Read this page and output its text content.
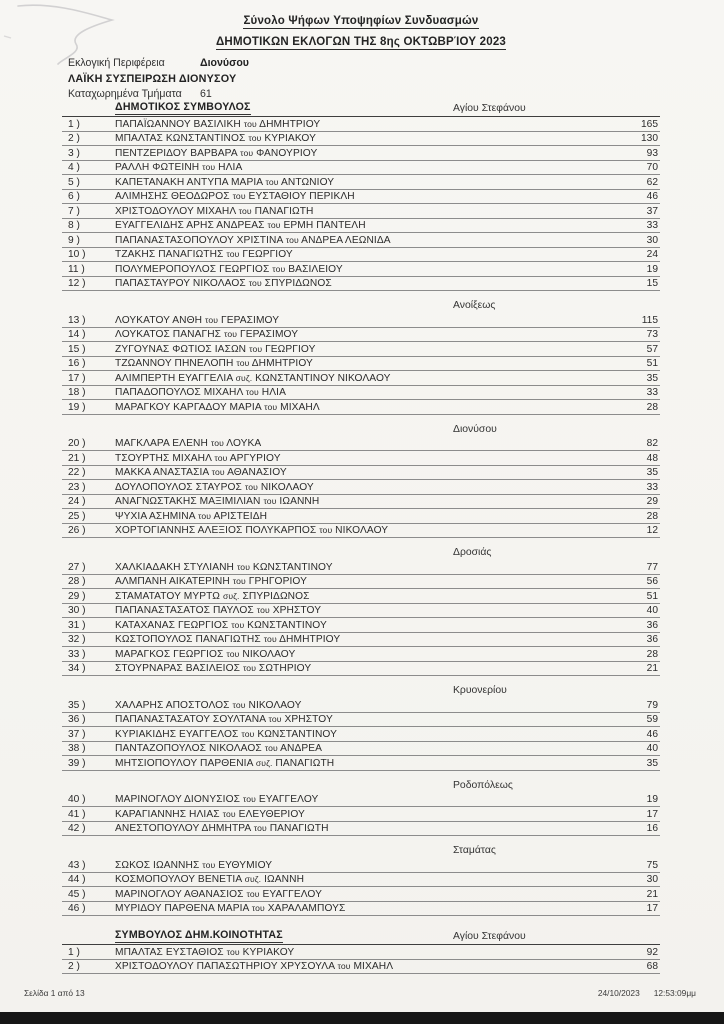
Σύνολο Ψήφων Υποψηφίων Συνδυασμών
ΔΗΜΟΤΙΚΩΝ ΕΚΛΟΓΩΝ ΤΗΣ 8ης ΟΚΤΩΒΡΊΟΥ 2023
Εκλογική Περιφέρεια	Διονύσου
ΛΑΪΚΗ ΣΥΣΠΕΙΡΩΣΗ ΔΙΟΝΥΣΟΥ
Καταχωρημένα Τμήματα	61
ΔΗΜΟΤΙΚΟΣ ΣΥΜΒΟΥΛΟΣ	Αγίου Στεφάνου
1 )	ΠΑΠΑΪΩΑΝΝΟΥ ΒΑΣΙΛΙΚΗ του ΔΗΜΗΤΡΙΟΥ	165
2 )	ΜΠΑΛΤΑΣ ΚΩΝΣΤΑΝΤΙΝΟΣ του ΚΥΡΙΑΚΟΥ	130
3 )	ΠΕΝΤΖΕΡΙΔΟΥ ΒΑΡΒΑΡΑ του ΦΑΝΟΥΡΙΟΥ	93
4 )	ΡΑΛΛΗ ΦΩΤΕΙΝΗ του ΗΛΙΑ	70
5 )	ΚΑΠΕΤΑΝΑΚΗ ΑΝΤΥΠΑ ΜΑΡΙΑ του ΑΝΤΩΝΙΟΥ	62
6 )	ΑΛΙΜΗΣΗΣ ΘΕΟΔΩΡΟΣ του ΕΥΣΤΑΘΙΟΥ ΠΕΡΙΚΛΗ	46
7 )	ΧΡΙΣΤΟΔΟΥΛΟΥ ΜΙΧΑΗΛ του ΠΑΝΑΓΙΩΤΗ	37
8 )	ΕΥΑΓΓΕΛΙΔΗΣ ΑΡΗΣ ΑΝΔΡΕΑΣ του ΕΡΜΗ ΠΑΝΤΕΛΗ	33
9 )	ΠΑΠΑΝΑΣΤΑΣΟΠΟΥΛΟΥ ΧΡΙΣΤΙΝΑ του ΑΝΔΡΕΑ ΛΕΩΝΙΔΑ	30
10 )	ΤΖΑΚΗΣ ΠΑΝΑΓΙΩΤΗΣ του ΓΕΩΡΓΙΟΥ	24
11 )	ΠΟΛΥΜΕΡΟΠΟΥΛΟΣ ΓΕΩΡΓΙΟΣ του ΒΑΣΙΛΕΙΟΥ	19
12 )	ΠΑΠΑΣΤΑΥΡΟΥ ΝΙΚΟΛΑΟΣ του ΣΠΥΡΙΔΩΝΟΣ	15
Ανοίξεως
13 )	ΛΟΥΚΑΤΟΥ ΑΝΘΗ του ΓΕΡΑΣΙΜΟΥ	115
14 )	ΛΟΥΚΑΤΟΣ ΠΑΝΑΓΗΣ του ΓΕΡΑΣΙΜΟΥ	73
15 )	ΖΥΓΟΥΝΑΣ ΦΩΤΙΟΣ ΙΑΣΩΝ του ΓΕΩΡΓΙΟΥ	57
16 )	ΤΖΩΑΝΝΟΥ ΠΗΝΕΛΟΠΗ του ΔΗΜΗΤΡΙΟΥ	51
17 )	ΑΛΙΜΠΕΡΤΗ ΕΥΑΓΓΕΛΙΑ συζ. ΚΩΝΣΤΑΝΤΙΝΟΥ ΝΙΚΟΛΑΟΥ	35
18 )	ΠΑΠΑΔΟΠΟΥΛΟΣ ΜΙΧΑΗΛ του ΗΛΙΑ	33
19 )	ΜΑΡΑΓΚΟΥ ΚΑΡΓΑΔΟΥ ΜΑΡΙΑ του ΜΙΧΑΗΛ	28
Διονύσου
20 )	ΜΑΓΚΛΑΡΑ ΕΛΕΝΗ του ΛΟΥΚΑ	82
21 )	ΤΣΟΥΡΤΗΣ ΜΙΧΑΗΛ του ΑΡΓΥΡΙΟΥ	48
22 )	ΜΑΚΚΑ ΑΝΑΣΤΑΣΙΑ του ΑΘΑΝΑΣΙΟΥ	35
23 )	ΔΟΥΛΟΠΟΥΛΟΣ ΣΤΑΥΡΟΣ του ΝΙΚΟΛΑΟΥ	33
24 )	ΑΝΑΓΝΩΣΤΑΚΗΣ ΜΑΞΙΜΙΛΙΑΝ του ΙΩΑΝΝΗ	29
25 )	ΨΥΧΙΑ ΑΣΗΜΙΝΑ του ΑΡΙΣΤΕΙΔΗ	28
26 )	ΧΟΡΤΟΓΙΑΝΝΗΣ ΑΛΕΞΙΟΣ ΠΟΛΥΚΑΡΠΟΣ του ΝΙΚΟΛΑΟΥ	12
Δροσιάς
27 )	ΧΑΛΚΙΑΔΑΚΗ ΣΤΥΛΙΑΝΗ του ΚΩΝΣΤΑΝΤΙΝΟΥ	77
28 )	ΑΛΜΠΑΝΗ ΑΙΚΑΤΕΡΙΝΗ του ΓΡΗΓΟΡΙΟΥ	56
29 )	ΣΤΑΜΑΤΑΤΟΥ ΜΥΡΤΩ συζ. ΣΠΥΡΙΔΩΝΟΣ	51
30 )	ΠΑΠΑΝΑΣΤΑΣΑΤΟΣ ΠΑΥΛΟΣ του ΧΡΗΣΤΟΥ	40
31 )	ΚΑΤΑΧΑΝΑΣ ΓΕΩΡΓΙΟΣ του ΚΩΝΣΤΑΝΤΙΝΟΥ	36
32 )	ΚΩΣΤΟΠΟΥΛΟΣ ΠΑΝΑΓΙΩΤΗΣ του ΔΗΜΗΤΡΙΟΥ	36
33 )	ΜΑΡΑΓΚΟΣ ΓΕΩΡΓΙΟΣ του ΝΙΚΟΛΑΟΥ	28
34 )	ΣΤΟΥΡΝΑΡΑΣ ΒΑΣΙΛΕΙΟΣ του ΣΩΤΗΡΙΟΥ	21
Κρυονερίου
35 )	ΧΑΛΑΡΗΣ ΑΠΟΣΤΟΛΟΣ του ΝΙΚΟΛΑΟΥ	79
36 )	ΠΑΠΑΝΑΣΤΑΣΑΤΟΥ ΣΟΥΛΤΑΝΑ του ΧΡΗΣΤΟΥ	59
37 )	ΚΥΡΙΑΚΙΔΗΣ ΕΥΑΓΓΕΛΟΣ του ΚΩΝΣΤΑΝΤΙΝΟΥ	46
38 )	ΠΑΝΤΑΖΟΠΟΥΛΟΣ ΝΙΚΟΛΑΟΣ του ΑΝΔΡΕΑ	40
39 )	ΜΗΤΣΙΟΠΟΥΛΟΥ ΠΑΡΘΕΝΙΑ συζ. ΠΑΝΑΓΙΩΤΗ	35
Ροδοπόλεως
40 )	ΜΑΡΙΝΟΓΛΟΥ ΔΙΟΝΥΣΙΟΣ του ΕΥΑΓΓΕΛΟΥ	19
41 )	ΚΑΡΑΓΙΑΝΝΗΣ ΗΛΙΑΣ του ΕΛΕΥΘΕΡΙΟΥ	17
42 )	ΑΝΕΣΤΟΠΟΥΛΟΥ ΔΗΜΗΤΡΑ του ΠΑΝΑΓΙΩΤΗ	16
Σταμάτας
43 )	ΣΩΚΟΣ ΙΩΑΝΝΗΣ του ΕΥΘΥΜΙΟΥ	75
44 )	ΚΟΣΜΟΠΟΥΛΟΥ ΒΕΝΕΤΙΑ συζ. ΙΩΑΝΝΗ	30
45 )	ΜΑΡΙΝΟΓΛΟΥ ΑΘΑΝΑΣΙΟΣ του ΕΥΑΓΓΕΛΟΥ	21
46 )	ΜΥΡΙΔΟΥ ΠΑΡΘΕΝΑ ΜΑΡΙΑ του ΧΑΡΑΛΑΜΠΟΥΣ	17
ΣΥΜΒΟΥΛΟΣ ΔΗΜ.ΚΟΙΝΟΤΗΤΑΣ	Αγίου Στεφάνου
1 )	ΜΠΑΛΤΑΣ ΕΥΣΤΑΘΙΟΣ του ΚΥΡΙΑΚΟΥ	92
2 )	ΧΡΙΣΤΟΔΟΥΛΟΥ ΠΑΠΑΣΩΤΗΡΙΟΥ ΧΡΥΣΟΥΛΑ του ΜΙΧΑΗΛ	68
Σελίδα 1 από 13	24/10/2023 12:53:09μμ
